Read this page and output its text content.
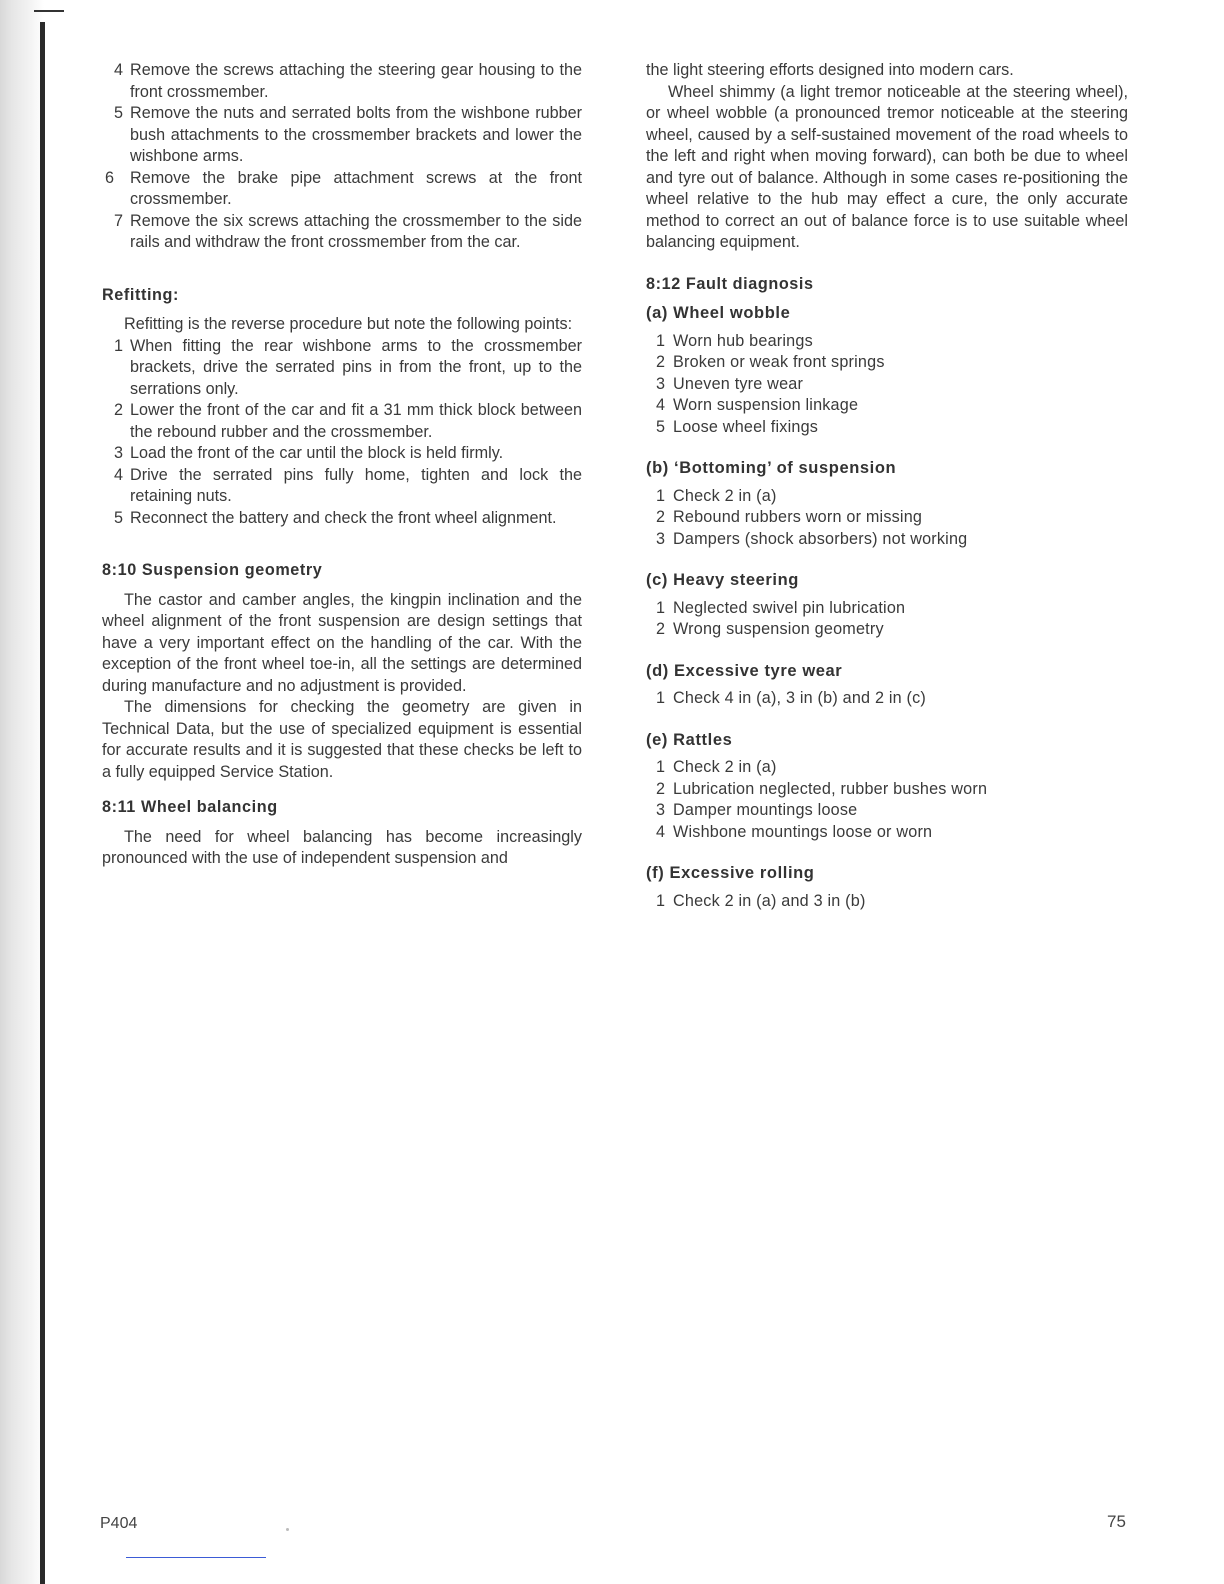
4 Remove the screws attaching the steering gear housing to the front crossmember.
5 Remove the nuts and serrated bolts from the wishbone rubber bush attachments to the crossmember brackets and lower the wishbone arms.
6 Remove the brake pipe attachment screws at the front crossmember.
7 Remove the six screws attaching the crossmember to the side rails and withdraw the front crossmember from the car.

Refitting:

Refitting is the reverse procedure but note the following points:

1 When fitting the rear wishbone arms to the crossmember brackets, drive the serrated pins in from the front, up to the serrations only.
2 Lower the front of the car and fit a 31 mm thick block between the rebound rubber and the crossmember.
3 Load the front of the car until the block is held firmly.
4 Drive the serrated pins fully home, tighten and lock the retaining nuts.
5 Reconnect the battery and check the front wheel alignment.

8:10 Suspension geometry

The castor and camber angles, the kingpin inclination and the wheel alignment of the front suspension are design settings that have a very important effect on the handling of the car. With the exception of the front wheel toe-in, all the settings are determined during manufacture and no adjustment is provided.

The dimensions for checking the geometry are given in Technical Data, but the use of specialized equipment is essential for accurate results and it is suggested that these checks be left to a fully equipped Service Station.

8:11 Wheel balancing

The need for wheel balancing has become increasingly pronounced with the use of independent suspension and

the light steering efforts designed into modern cars.

Wheel shimmy (a light tremor noticeable at the steering wheel), or wheel wobble (a pronounced tremor noticeable at the steering wheel, caused by a self-sustained movement of the road wheels to the left and right when moving forward), can both be due to wheel and tyre out of balance. Although in some cases re-positioning the wheel relative to the hub may effect a cure, the only accurate method to correct an out of balance force is to use suitable wheel balancing equipment.

8:12 Fault diagnosis

(a) Wheel wobble

1 Worn hub bearings
2 Broken or weak front springs
3 Uneven tyre wear
4 Worn suspension linkage
5 Loose wheel fixings

(b) ‘Bottoming’ of suspension

1 Check 2 in (a)
2 Rebound rubbers worn or missing
3 Dampers (shock absorbers) not working

(c) Heavy steering

1 Neglected swivel pin lubrication
2 Wrong suspension geometry

(d) Excessive tyre wear

1 Check 4 in (a), 3 in (b) and 2 in (c)

(e) Rattles

1 Check 2 in (a)
2 Lubrication neglected, rubber bushes worn
3 Damper mountings loose
4 Wishbone mountings loose or worn

(f) Excessive rolling

1 Check 2 in (a) and 3 in (b)
P404	75
